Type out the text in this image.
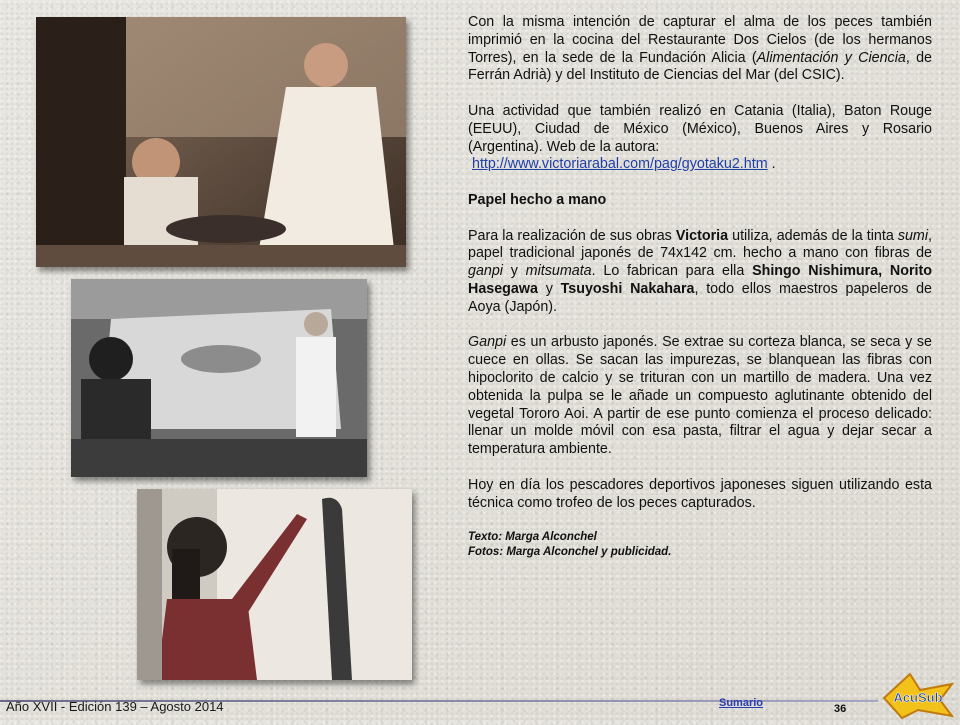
Con la misma intención de capturar el alma de los peces también imprimió en la cocina del Restaurante Dos Cielos (de los hermanos Torres), en la sede de la Fundación Alicia (Alimentación y Ciencia, de Ferrán Adrià) y del Instituto de Ciencias del Mar (del CSIC).

Una actividad que también realizó en Catania (Italia), Baton Rouge (EEUU), Ciudad de México (México), Buenos Aires y Rosario (Argentina). Web de la autora:
http://www.victoriarabal.com/pag/gyotaku2.htm .

Papel hecho a mano

Para la realización de sus obras Victoria utiliza, además de la tinta sumi, papel tradicional japonés de 74x142 cm. hecho a mano con fibras de ganpi y mitsumata. Lo fabrican para ella Shingo Nishimura, Norito Hasegawa y Tsuyoshi Nakahara, todo ellos maestros papeleros de Aoya (Japón).

Ganpi es un arbusto japonés. Se extrae su corteza blanca, se seca y se cuece en ollas. Se sacan las impurezas, se blanquean las fibras con hipoclorito de calcio y se trituran con un martillo de madera. Una vez obtenida la pulpa se le añade un compuesto aglutinante obtenido del vegetal Tororo Aoi. A partir de ese punto comienza el proceso delicado: llenar un molde móvil con esa pasta, filtrar el agua y dejar secar a temperatura ambiente.

Hoy en día los pescadores deportivos japoneses siguen utilizando esta técnica como trofeo de los peces capturados.

Texto: Marga Alconchel

Fotos: Marga Alconchel y publicidad.

Año XVII - Edición 139 – Agosto 2014	Sumario	36
AcuSub
